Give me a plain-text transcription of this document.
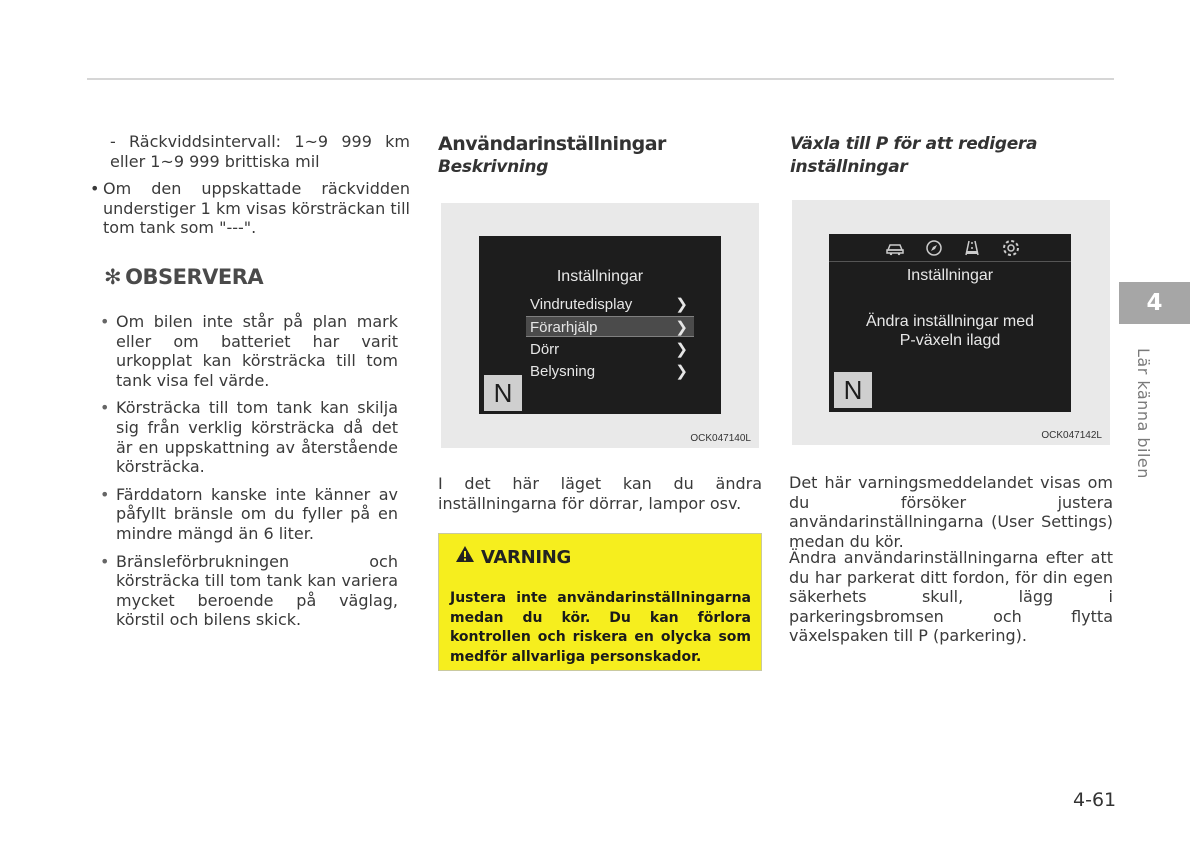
- Räckviddsintervall: 1~9 999 km eller 1~9 999 brittiska mil
• Om den uppskattade räckvidden understiger 1 km visas körsträckan till tom tank som "---".
✻ OBSERVERA
• Om bilen inte står på plan mark eller om batteriet har varit urkopplat kan körsträcka till tom tank visa fel värde.
• Körsträcka till tom tank kan skilja sig från verklig körsträcka då det är en uppskattning av återstående körsträcka.
• Färddatorn kanske inte känner av påfyllt bränsle om du fyller på en mindre mängd än 6 liter.
• Bränsleförbrukningen och körsträcka till tom tank kan variera mycket beroende på väglag, körstil och bilens skick.
Användarinställningar
Beskrivning
Inställningar
Vindrutedisplay	❯
Förarhjälp	❯
Dörr	❯
Belysning	❯
N
OCK047140L
I det här läget kan du ändra inställningarna för dörrar, lampor osv.
VARNING
Justera inte användarinställningarna medan du kör. Du kan förlora kontrollen och riskera en olycka som medför allvarliga personskador.
Växla till P för att redigera inställningar
Inställningar
Ändra inställningar med
P-växeln ilagd
N
OCK047142L
Det här varningsmeddelandet visas om du försöker justera användarinställningarna (User Settings) medan du kör.
Ändra användarinställningarna efter att du har parkerat ditt fordon, för din egen säkerhets skull, lägg i parkeringsbromsen och flytta växelspaken till P (parkering).
4
Lär känna bilen
4-61
